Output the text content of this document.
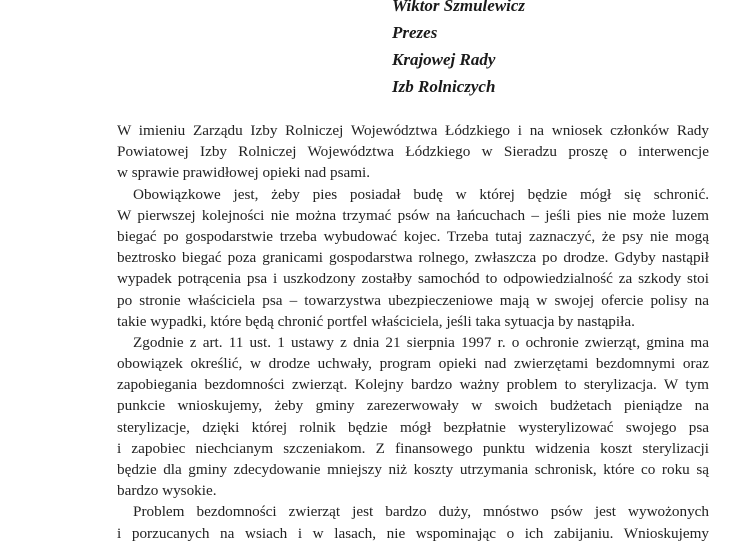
Wiktor Szmulewicz
Prezes
Krajowej Rady
Izb Rolniczych
W imieniu Zarządu Izby Rolniczej Województwa Łódzkiego i na wniosek członków Rady
Powiatowej Izby Rolniczej Województwa Łódzkiego w Sieradzu proszę o interwencje
w sprawie prawidłowej opieki nad psami.
Obowiązkowe jest, żeby pies posiadał budę w której będzie mógł się schronić.
W pierwszej kolejności nie można trzymać psów na łańcuchach – jeśli pies nie może luzem
biegać po gospodarstwie trzeba wybudować kojec. Trzeba tutaj zaznaczyć, że psy nie mogą
beztrosko biegać poza granicami gospodarstwa rolnego, zwłaszcza po drodze. Gdyby nastąpił
wypadek potrącenia psa i uszkodzony zostałby samochód to odpowiedzialność za szkody stoi
po stronie właściciela psa – towarzystwa ubezpieczeniowe mają w swojej ofercie polisy na
takie wypadki, które będą chronić portfel właściciela, jeśli taka sytuacja by nastąpiła.
Zgodnie z art. 11 ust. 1 ustawy z dnia 21 sierpnia 1997 r. o ochronie zwierząt, gmina ma
obowiązek określić, w drodze uchwały, program opieki nad zwierzętami bezdomnymi oraz
zapobiegania bezdomności zwierząt. Kolejny bardzo ważny problem to sterylizacja. W tym
punkcie wnioskujemy, żeby gminy zarezerwowały w swoich budżetach pieniądze na
sterylizacje, dzięki której rolnik będzie mógł bezpłatnie wysterylizować swojego psa
i zapobiec niechcianym szczeniakom. Z finansowego punktu widzenia koszt sterylizacji
będzie dla gminy zdecydowanie mniejszy niż koszty utrzymania schronisk, które co roku są
bardzo wysokie.
Problem bezdomności zwierząt jest bardzo duży, mnóstwo psów jest wywożonych
i porzucanych na wsiach i w lasach, nie wspominając o ich zabijaniu. Wnioskujemy
